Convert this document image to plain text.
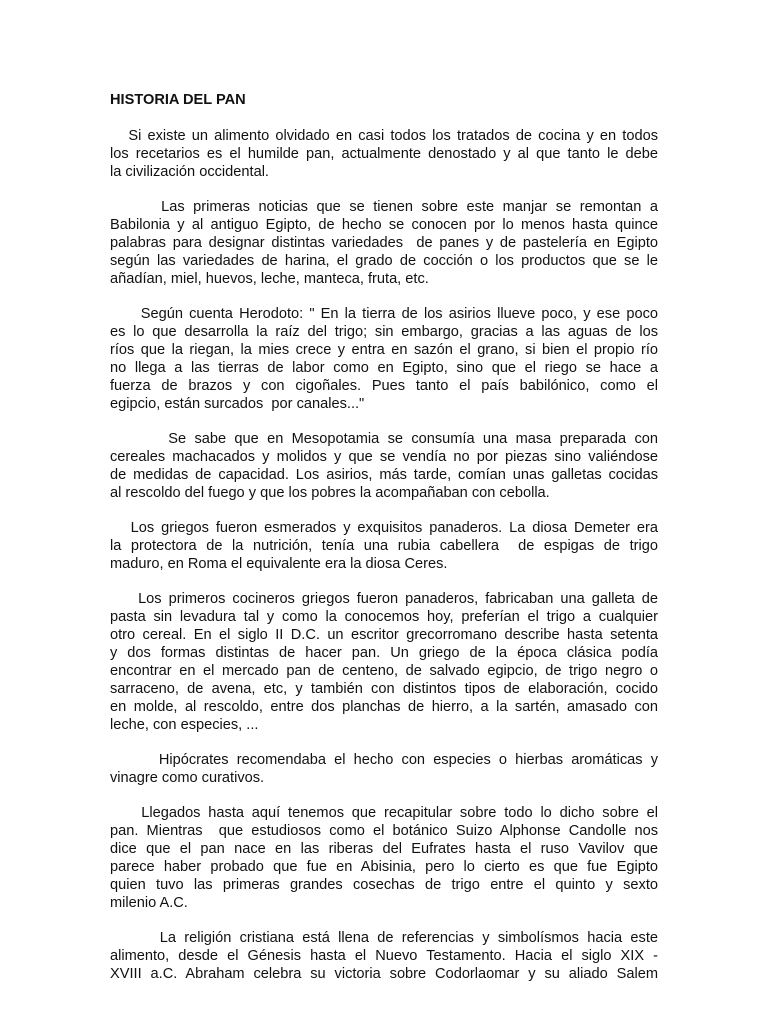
HISTORIA DEL PAN
Si existe un alimento olvidado en casi todos los tratados de cocina y en todos
los recetarios es el humilde pan, actualmente denostado y al que tanto le debe
la civilización occidental.
Las primeras noticias que se tienen sobre este manjar se remontan a
Babilonia y al antiguo Egipto, de hecho se conocen por lo menos hasta quince
palabras para designar distintas variedades  de panes y de pastelería en Egipto
según las variedades de harina, el grado de cocción o los productos que se le
añadían, miel, huevos, leche, manteca, fruta, etc.
Según cuenta Herodoto: " En la tierra de los asirios llueve poco, y ese poco
es lo que desarrolla la raíz del trigo; sin embargo, gracias a las aguas de los
ríos que la riegan, la mies crece y entra en sazón el grano, si bien el propio río
no llega a las tierras de labor como en Egipto, sino que el riego se hace a
fuerza de brazos y con cigoñales. Pues tanto el país babilónico, como el
egipcio, están surcados  por canales..."
Se sabe que en Mesopotamia se consumía una masa preparada con
cereales machacados y molidos y que se vendía no por piezas sino valiéndose
de medidas de capacidad. Los asirios, más tarde, comían unas galletas cocidas
al rescoldo del fuego y que los pobres la acompañaban con cebolla.
Los griegos fueron esmerados y exquisitos panaderos. La diosa Demeter era
la protectora de la nutrición, tenía una rubia cabellera  de espigas de trigo
maduro, en Roma el equivalente era la diosa Ceres.
Los primeros cocineros griegos fueron panaderos, fabricaban una galleta de
pasta sin levadura tal y como la conocemos hoy, preferían el trigo a cualquier
otro cereal. En el siglo II D.C. un escritor grecorromano describe hasta setenta
y dos formas distintas de hacer pan. Un griego de la época clásica podía
encontrar en el mercado pan de centeno, de salvado egipcio, de trigo negro o
sarraceno, de avena, etc, y también con distintos tipos de elaboración, cocido
en molde, al rescoldo, entre dos planchas de hierro, a la sartén, amasado con
leche, con especies, ...
Hipócrates recomendaba el hecho con especies o hierbas aromáticas y
vinagre como curativos.
Llegados hasta aquí tenemos que recapitular sobre todo lo dicho sobre el
pan. Mientras  que estudiosos como el botánico Suizo Alphonse Candolle nos
dice que el pan nace en las riberas del Eufrates hasta el ruso Vavilov que
parece haber probado que fue en Abisinia, pero lo cierto es que fue Egipto
quien tuvo las primeras grandes cosechas de trigo entre el quinto y sexto
milenio A.C.
La religión cristiana está llena de referencias y simbolísmos hacia este
alimento, desde el Génesis hasta el Nuevo Testamento. Hacia el siglo XIX -
XVIII a.C. Abraham celebra su victoria sobre Codorlaomar y su aliado Salem
